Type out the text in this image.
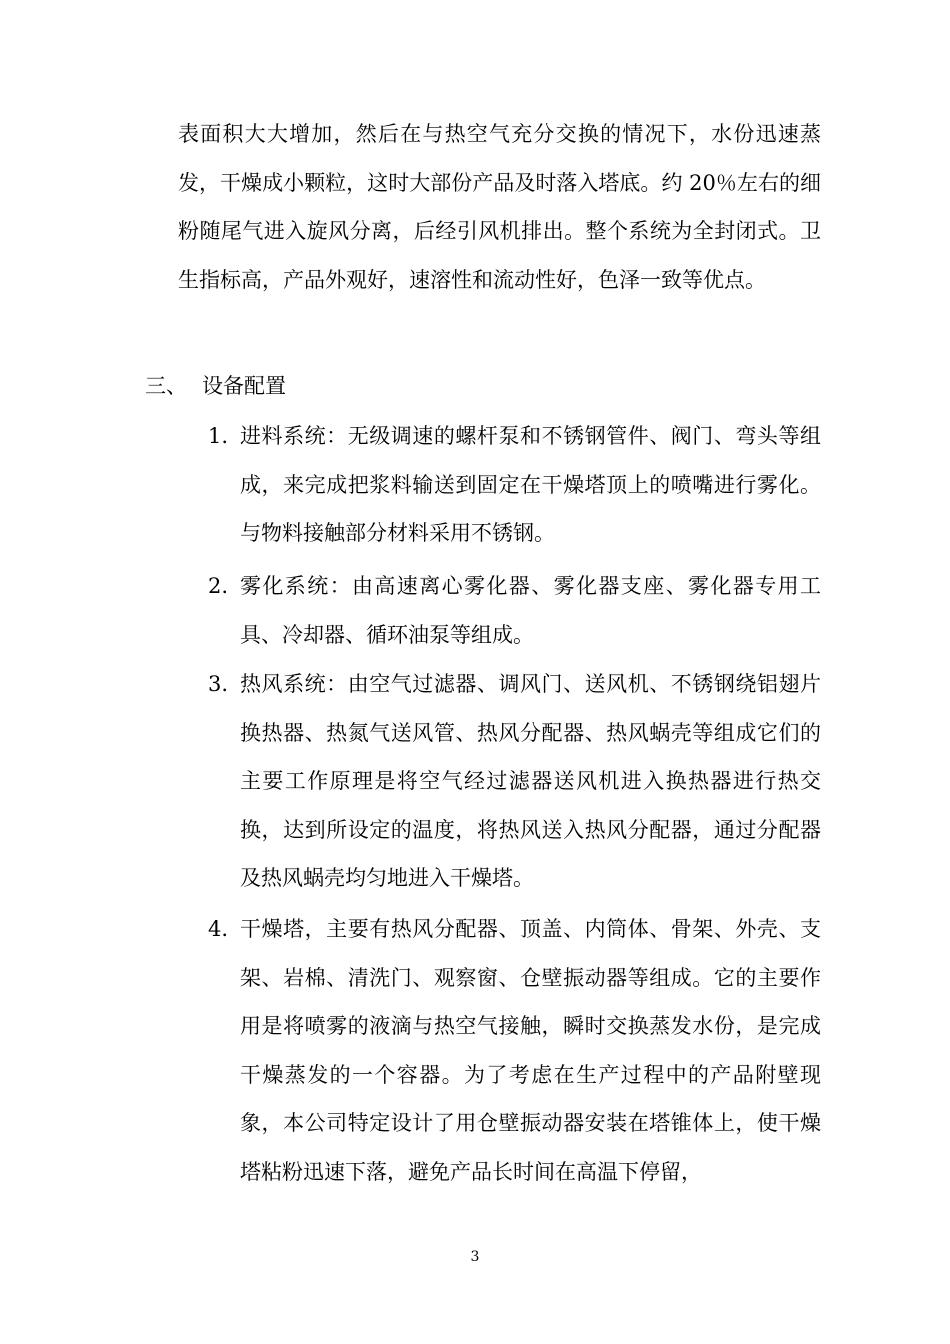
表面积大大增加，然后在与热空气充分交换的情况下，水份迅速蒸发，干燥成小颗粒，这时大部份产品及时落入塔底。约 20％左右的细粉随尾气进入旋风分离，后经引风机排出。整个系统为全封闭式。卫生指标高，产品外观好，速溶性和流动性好，色泽一致等优点。

三、 设备配置
1. 进料系统：无级调速的螺杆泵和不锈钢管件、阀门、弯头等组成，来完成把浆料输送到固定在干燥塔顶上的喷嘴进行雾化。与物料接触部分材料采用不锈钢。
2. 雾化系统：由高速离心雾化器、雾化器支座、雾化器专用工具、冷却器、循环油泵等组成。
3. 热风系统：由空气过滤器、调风门、送风机、不锈钢绕铝翅片换热器、热氮气送风管、热风分配器、热风蜗壳等组成它们的主要工作原理是将空气经过滤器送风机进入换热器进行热交换，达到所设定的温度，将热风送入热风分配器，通过分配器及热风蜗壳均匀地进入干燥塔。
4. 干燥塔，主要有热风分配器、顶盖、内筒体、骨架、外壳、支架、岩棉、清洗门、观察窗、仓壁振动器等组成。它的主要作用是将喷雾的液滴与热空气接触，瞬时交换蒸发水份，是完成干燥蒸发的一个容器。为了考虑在生产过程中的产品附壁现象，本公司特定设计了用仓壁振动器安装在塔锥体上，使干燥塔粘粉迅速下落，避免产品长时间在高温下停留，
3
